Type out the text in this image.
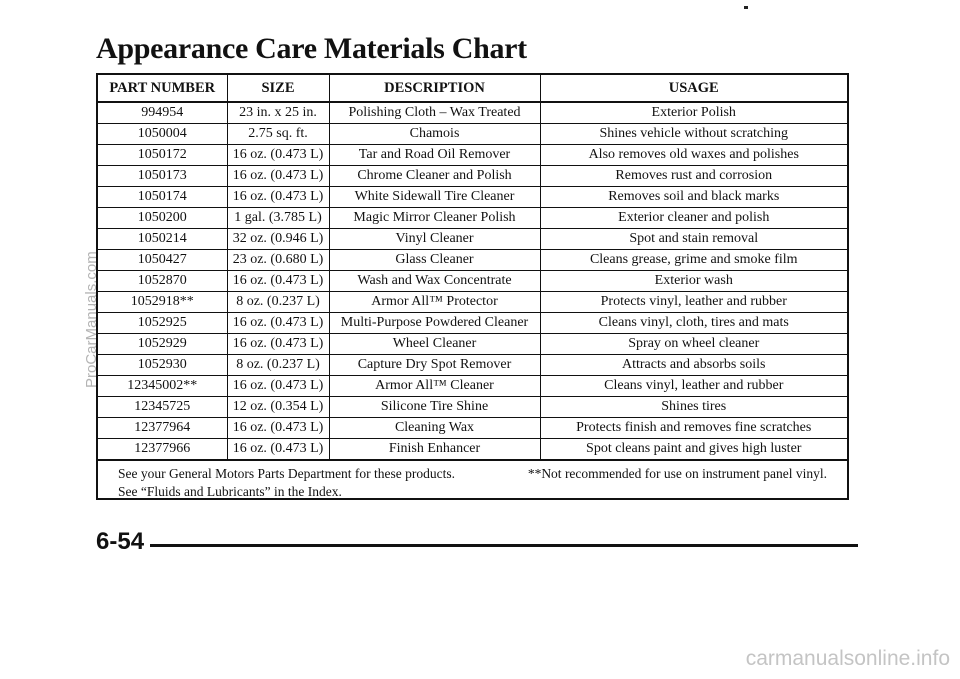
Appearance Care Materials Chart
PART NUMBER	SIZE	DESCRIPTION	USAGE
994954	23 in. x 25 in.	Polishing Cloth – Wax Treated	Exterior Polish
1050004	2.75 sq. ft.	Chamois	Shines vehicle without scratching
1050172	16 oz. (0.473 L)	Tar and Road Oil Remover	Also removes old waxes and polishes
1050173	16 oz. (0.473 L)	Chrome Cleaner and Polish	Removes rust and corrosion
1050174	16 oz. (0.473 L)	White Sidewall Tire Cleaner	Removes soil and black marks
1050200	1 gal. (3.785 L)	Magic Mirror Cleaner Polish	Exterior cleaner and polish
1050214	32 oz. (0.946 L)	Vinyl Cleaner	Spot and stain removal
1050427	23 oz. (0.680 L)	Glass Cleaner	Cleans grease, grime and smoke film
1052870	16 oz. (0.473 L)	Wash and Wax Concentrate	Exterior wash
1052918**	8 oz. (0.237 L)	Armor All™ Protector	Protects vinyl, leather and rubber
1052925	16 oz. (0.473 L)	Multi-Purpose Powdered Cleaner	Cleans vinyl, cloth, tires and mats
1052929	16 oz. (0.473 L)	Wheel Cleaner	Spray on wheel cleaner
1052930	8 oz. (0.237 L)	Capture Dry Spot Remover	Attracts and absorbs soils
12345002**	16 oz. (0.473 L)	Armor All™ Cleaner	Cleans vinyl, leather and rubber
12345725	12 oz. (0.354 L)	Silicone Tire Shine	Shines tires
12377964	16 oz. (0.473 L)	Cleaning Wax	Protects finish and removes fine scratches
12377966	16 oz. (0.473 L)	Finish Enhancer	Spot cleans paint and gives high luster
See your General Motors Parts Department for these products.	**Not recommended for use on instrument panel vinyl.
See “Fluids and Lubricants” in the Index.
6-54
ProCarManuals.com
carmanualsonline.info
